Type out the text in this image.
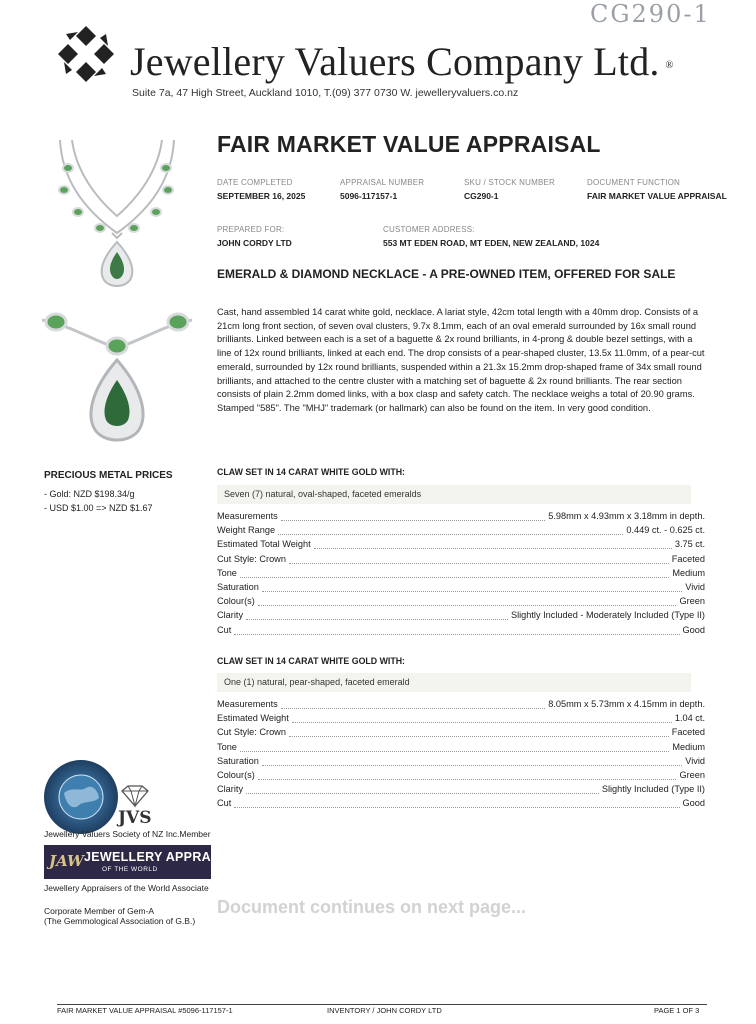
CG290-1
Jewellery Valuers Company Ltd. ®
Suite 7a, 47 High Street, Auckland 1010, T.(09) 377 0730 W. jewelleryvaluers.co.nz
FAIR MARKET VALUE APPRAISAL
DATE COMPLETED
SEPTEMBER 16, 2025
APPRAISAL NUMBER
5096-117157-1
SKU / STOCK NUMBER
CG290-1
DOCUMENT FUNCTION
FAIR MARKET VALUE APPRAISAL
PREPARED FOR:
JOHN CORDY LTD
CUSTOMER ADDRESS:
553 MT EDEN ROAD, MT EDEN, NEW ZEALAND, 1024
EMERALD & DIAMOND NECKLACE - A PRE-OWNED ITEM, OFFERED FOR SALE
Cast, hand assembled 14 carat white gold, necklace. A lariat style, 42cm total length with a 40mm drop. Consists of a 21cm long front section, of seven oval clusters, 9.7x 8.1mm, each of an oval emerald surrounded by 16x small round brilliants. Linked between each is a set of a baguette & 2x round brilliants, in 4-prong & double bezel settings, with a line of 12x round brilliants, linked at each end. The drop consists of a pear-shaped cluster, 13.5x 11.0mm, of a pear-cut emerald, surrounded by 12x round brilliants, suspended within a 21.3x 15.2mm drop-shaped frame of 34x small round brilliants, and attached to the centre cluster with a matching set of baguette & 2x round brilliants. The rear section consists of plain 2.2mm domed links, with a box clasp and safety catch. The necklace weighs a total of 20.90 grams. Stamped "585". The "MHJ" trademark (or hallmark) can also be found on the item. In very good condition.
CLAW SET IN 14 CARAT WHITE GOLD WITH:
Seven (7) natural, oval-shaped, faceted emeralds
Measurements	5.98mm x 4.93mm x 3.18mm in depth.
Weight Range	0.449 ct. - 0.625 ct.
Estimated Total Weight	3.75 ct.
Cut Style: Crown	Faceted
Tone	Medium
Saturation	Vivid
Colour(s)	Green
Clarity	Slightly Included - Moderately Included (Type II)
Cut	Good
CLAW SET IN 14 CARAT WHITE GOLD WITH:
One (1) natural, pear-shaped, faceted emerald
Measurements	8.05mm x 5.73mm x 4.15mm in depth.
Estimated Weight	1.04 ct.
Cut Style: Crown	Faceted
Tone	Medium
Saturation	Vivid
Colour(s)	Green
Clarity	Slightly Included (Type II)
Cut	Good
PRECIOUS METAL PRICES
- Gold: NZD $198.34/g
- USD $1.00 => NZD $1.67
JVS
Jewellery Valuers Society of NZ Inc.Member
JAW JEWELLERY APPRAISERS
OF THE WORLD
Jewellery Appraisers of the World Associate
Corporate Member of Gem-A
(The Gemmological Association of G.B.)
Document continues on next page...
FAIR MARKET VALUE APPRAISAL #5096-117157-1	INVENTORY / JOHN CORDY LTD	PAGE 1 OF 3
